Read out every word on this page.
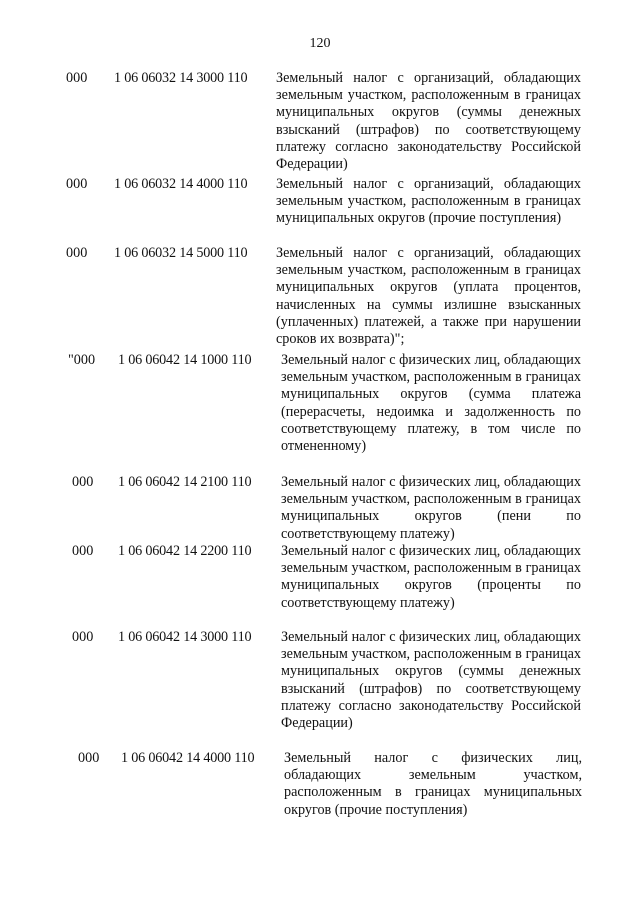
120
000	1 06 06032 14 3000 110	Земельный налог с организаций, обладающих земельным участком, расположенным в границах муниципальных округов (суммы денежных взысканий (штрафов) по соответствующему платежу согласно законодательству Российской Федерации)
000	1 06 06032 14 4000 110	Земельный налог с организаций, обладающих земельным участком, расположенным в границах муниципальных округов (прочие поступления)
000	1 06 06032 14 5000 110	Земельный налог с организаций, обладающих земельным участком, расположенным в границах муниципальных округов (уплата процентов, начисленных на суммы излишне взысканных (уплаченных) платежей, а также при нарушении сроков их возврата)";
"000	1 06 06042 14 1000 110	Земельный налог с физических лиц, обладающих земельным участком, расположенным в границах муниципальных округов (сумма платежа (перерасчеты, недоимка и задолженность по соответствующему платежу, в том числе по отмененному)
000	1 06 06042 14 2100 110	Земельный налог с физических лиц, обладающих земельным участком, расположенным в границах муниципальных округов (пени по соответствующему платежу)
000	1 06 06042 14 2200 110	Земельный налог с физических лиц, обладающих земельным участком, расположенным в границах муниципальных округов (проценты по соответствующему платежу)
000	1 06 06042 14 3000 110	Земельный налог с физических лиц, обладающих земельным участком, расположенным в границах муниципальных округов (суммы денежных взысканий (штрафов) по соответствующему платежу согласно законодательству Российской Федерации)
000	1 06 06042 14 4000 110	Земельный налог с физических лиц, обладающих земельным участком, расположенным в границах муниципальных округов (прочие поступления)
